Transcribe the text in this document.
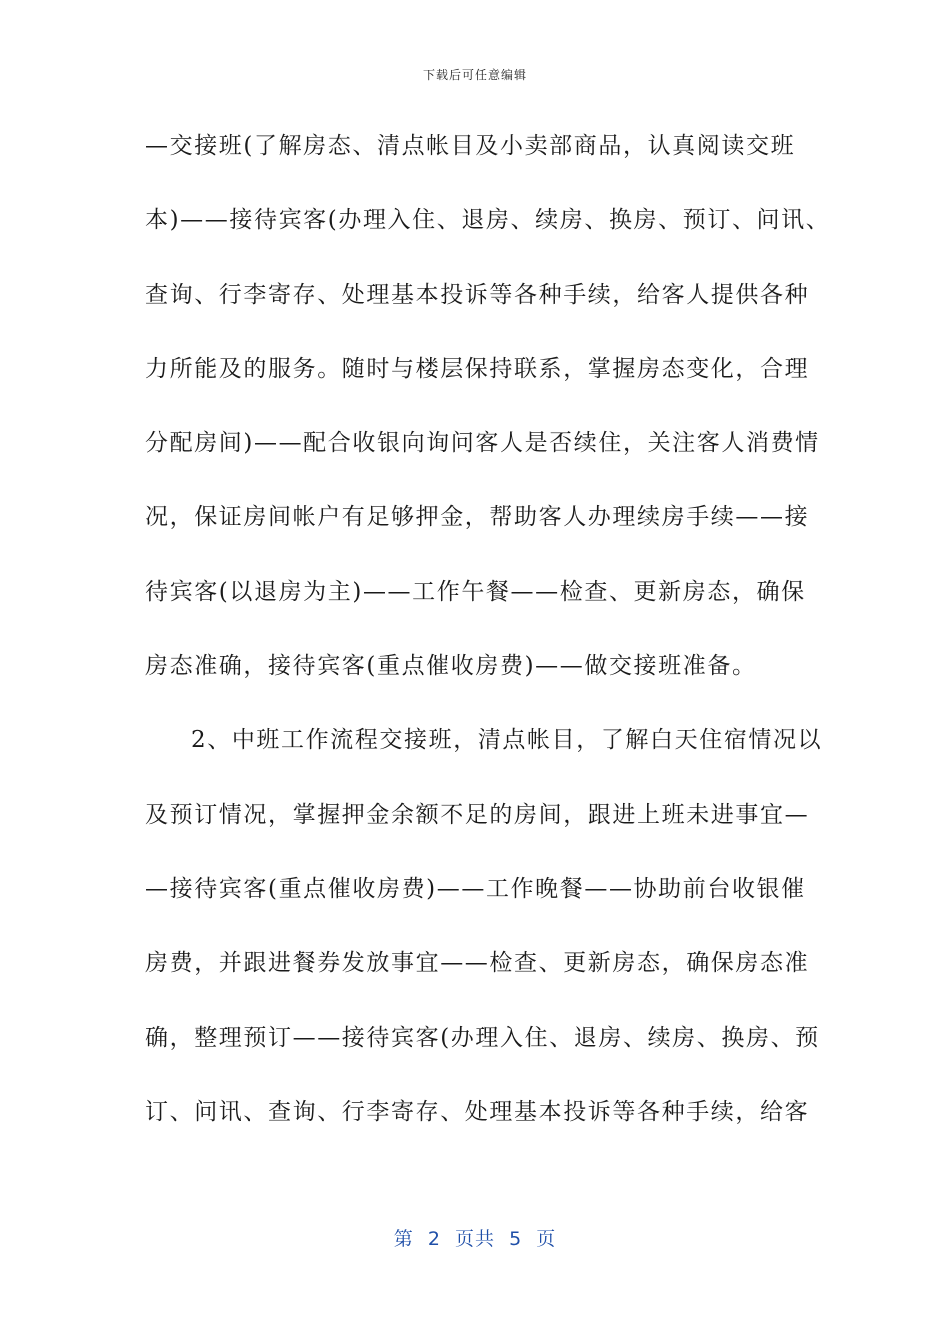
下载后可任意编辑
—交接班(了解房态、清点帐目及小卖部商品，认真阅读交班
本)——接待宾客(办理入住、退房、续房、换房、预订、问讯、
查询、行李寄存、处理基本投诉等各种手续，给客人提供各种
力所能及的服务。随时与楼层保持联系，掌握房态变化，合理
分配房间)——配合收银向询问客人是否续住，关注客人消费情
况，保证房间帐户有足够押金，帮助客人办理续房手续——接
待宾客(以退房为主)——工作午餐——检查、更新房态，确保
房态准确，接待宾客(重点催收房费)——做交接班准备。
2、中班工作流程交接班，清点帐目，了解白天住宿情况以
及预订情况，掌握押金余额不足的房间，跟进上班未进事宜—
—接待宾客(重点催收房费)——工作晚餐——协助前台收银催
房费，并跟进餐券发放事宜——检查、更新房态，确保房态准
确，整理预订——接待宾客(办理入住、退房、续房、换房、预
订、问讯、查询、行李寄存、处理基本投诉等各种手续，给客
第  2  页共  5  页
